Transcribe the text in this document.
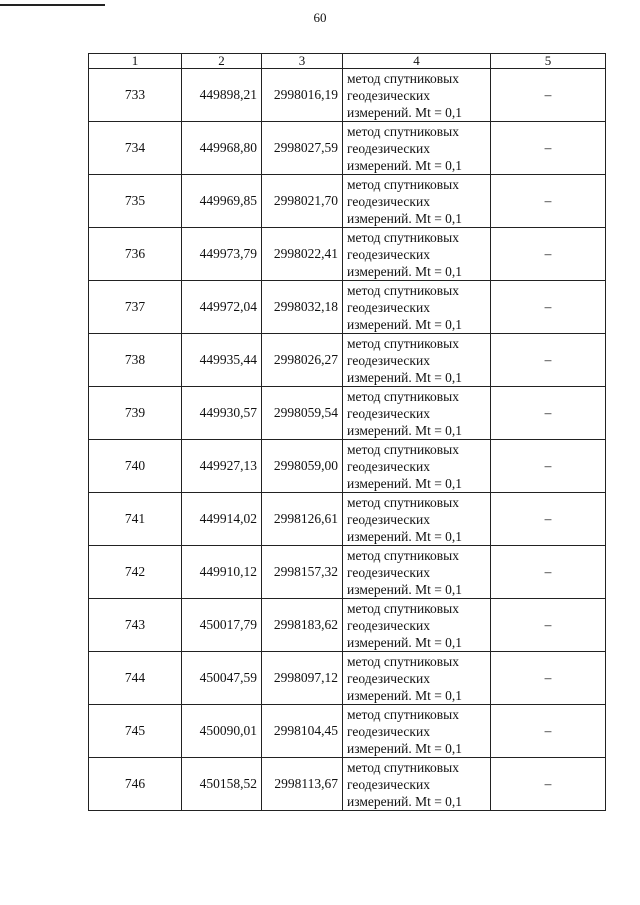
60
1	2	3	4	5
733	449898,21	2998016,19	метод спутниковых
геодезических
измерений. Mt = 0,1	–
734	449968,80	2998027,59	метод спутниковых
геодезических
измерений. Mt = 0,1	–
735	449969,85	2998021,70	метод спутниковых
геодезических
измерений. Mt = 0,1	–
736	449973,79	2998022,41	метод спутниковых
геодезических
измерений. Mt = 0,1	–
737	449972,04	2998032,18	метод спутниковых
геодезических
измерений. Mt = 0,1	–
738	449935,44	2998026,27	метод спутниковых
геодезических
измерений. Mt = 0,1	–
739	449930,57	2998059,54	метод спутниковых
геодезических
измерений. Mt = 0,1	–
740	449927,13	2998059,00	метод спутниковых
геодезических
измерений. Mt = 0,1	–
741	449914,02	2998126,61	метод спутниковых
геодезических
измерений. Mt = 0,1	–
742	449910,12	2998157,32	метод спутниковых
геодезических
измерений. Mt = 0,1	–
743	450017,79	2998183,62	метод спутниковых
геодезических
измерений. Mt = 0,1	–
744	450047,59	2998097,12	метод спутниковых
геодезических
измерений. Mt = 0,1	–
745	450090,01	2998104,45	метод спутниковых
геодезических
измерений. Mt = 0,1	–
746	450158,52	2998113,67	метод спутниковых
геодезических
измерений. Mt = 0,1	–
